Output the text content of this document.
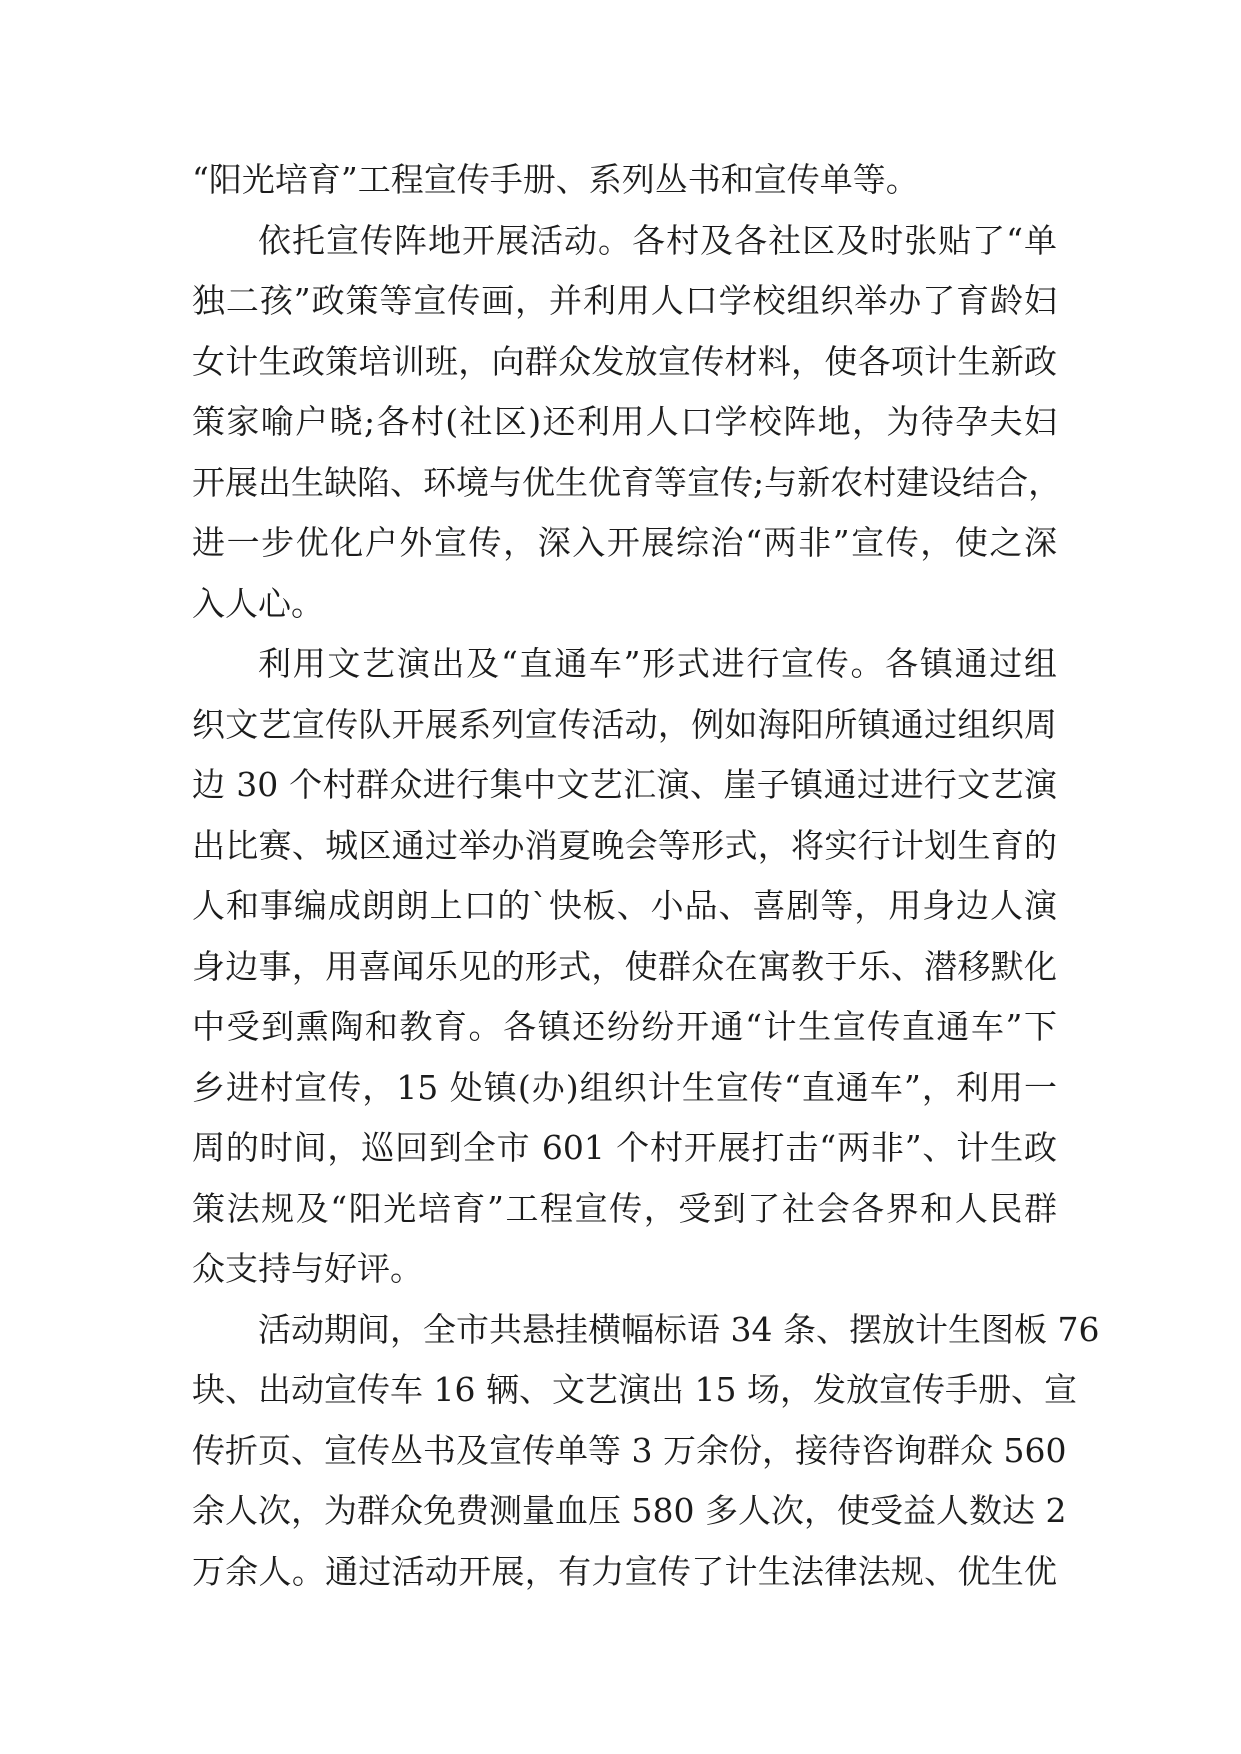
“阳光培育”工程宣传手册、系列丛书和宣传单等。
依托宣传阵地开展活动。各村及各社区及时张贴了“单
独二孩”政策等宣传画，并利用人口学校组织举办了育龄妇
女计生政策培训班，向群众发放宣传材料，使各项计生新政
策家喻户晓;各村(社区)还利用人口学校阵地，为待孕夫妇
开展出生缺陷、环境与优生优育等宣传;与新农村建设结合，
进一步优化户外宣传，深入开展综治“两非”宣传，使之深
入人心。
利用文艺演出及“直通车”形式进行宣传。各镇通过组
织文艺宣传队开展系列宣传活动，例如海阳所镇通过组织周
边 30 个村群众进行集中文艺汇演、崖子镇通过进行文艺演
出比赛、城区通过举办消夏晚会等形式，将实行计划生育的
人和事编成朗朗上口的`快板、小品、喜剧等，用身边人演
身边事，用喜闻乐见的形式，使群众在寓教于乐、潜移默化
中受到熏陶和教育。各镇还纷纷开通“计生宣传直通车”下
乡进村宣传，15 处镇(办)组织计生宣传“直通车”，利用一
周的时间，巡回到全市 601 个村开展打击“两非”、计生政
策法规及“阳光培育”工程宣传，受到了社会各界和人民群
众支持与好评。
活动期间，全市共悬挂横幅标语 34 条、摆放计生图板 76
块、出动宣传车 16 辆、文艺演出 15 场，发放宣传手册、宣
传折页、宣传丛书及宣传单等 3 万余份，接待咨询群众 560
余人次，为群众免费测量血压 580 多人次，使受益人数达 2
万余人。通过活动开展，有力宣传了计生法律法规、优生优
